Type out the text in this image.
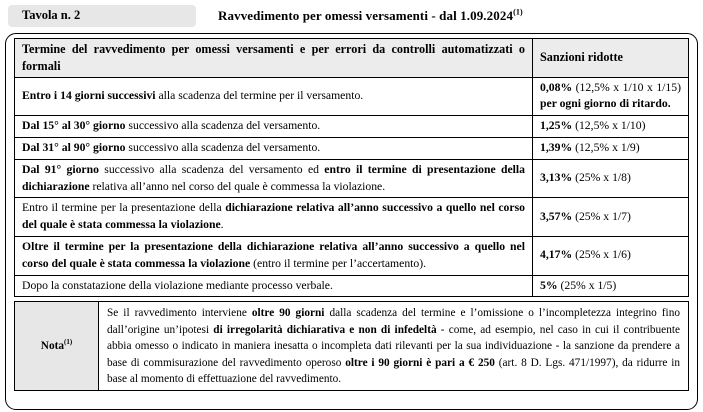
Tavola n. 2	Ravvedimento per omessi versamenti - dal 1.09.2024$^{(1)}$
Termine del ravvedimento per omessi versamenti e per errori da controlli automatizzati o formali	Sanzioni ridotte
Entro i 14 giorni successivi alla scadenza del termine per il versamento.	0,08% (12,5% x 1/10 x 1/15) per ogni giorno di ritardo.
Dal 15° al 30° giorno successivo alla scadenza del versamento.	1,25% (12,5% x 1/10)
Dal 31° al 90° giorno successivo alla scadenza del versamento.	1,39% (12,5% x 1/9)
Dal 91° giorno successivo alla scadenza del versamento ed entro il termine di presentazione della dichiarazione relativa all’anno nel corso del quale è commessa la violazione.	3,13% (25% x 1/8)
Entro il termine per la presentazione della dichiarazione relativa all’anno successivo a quello nel corso del quale è stata commessa la violazione.	3,57% (25% x 1/7)
Oltre il termine per la presentazione della dichiarazione relativa all’anno successivo a quello nel corso del quale è stata commessa la violazione (entro il termine per l’accertamento).	4,17% (25% x 1/6)
Dopo la constatazione della violazione mediante processo verbale.	5% (25% x 1/5)
Nota$^{(1)}$	Se il ravvedimento interviene oltre 90 giorni dalla scadenza del termine e l’omissione o l’incompletezza integrino fino dall’origine un’ipotesi di irregolarità dichiarativa e non di infedeltà - come, ad esempio, nel caso in cui il contribuente abbia omesso o indicato in maniera inesatta o incompleta dati rilevanti per la sua individuazione - la sanzione da prendere a base di commisurazione del ravvedimento operoso oltre i 90 giorni è pari a € 250 (art. 8 D. Lgs. 471/1997), da ridurre in base al momento di effettuazione del ravvedimento.
